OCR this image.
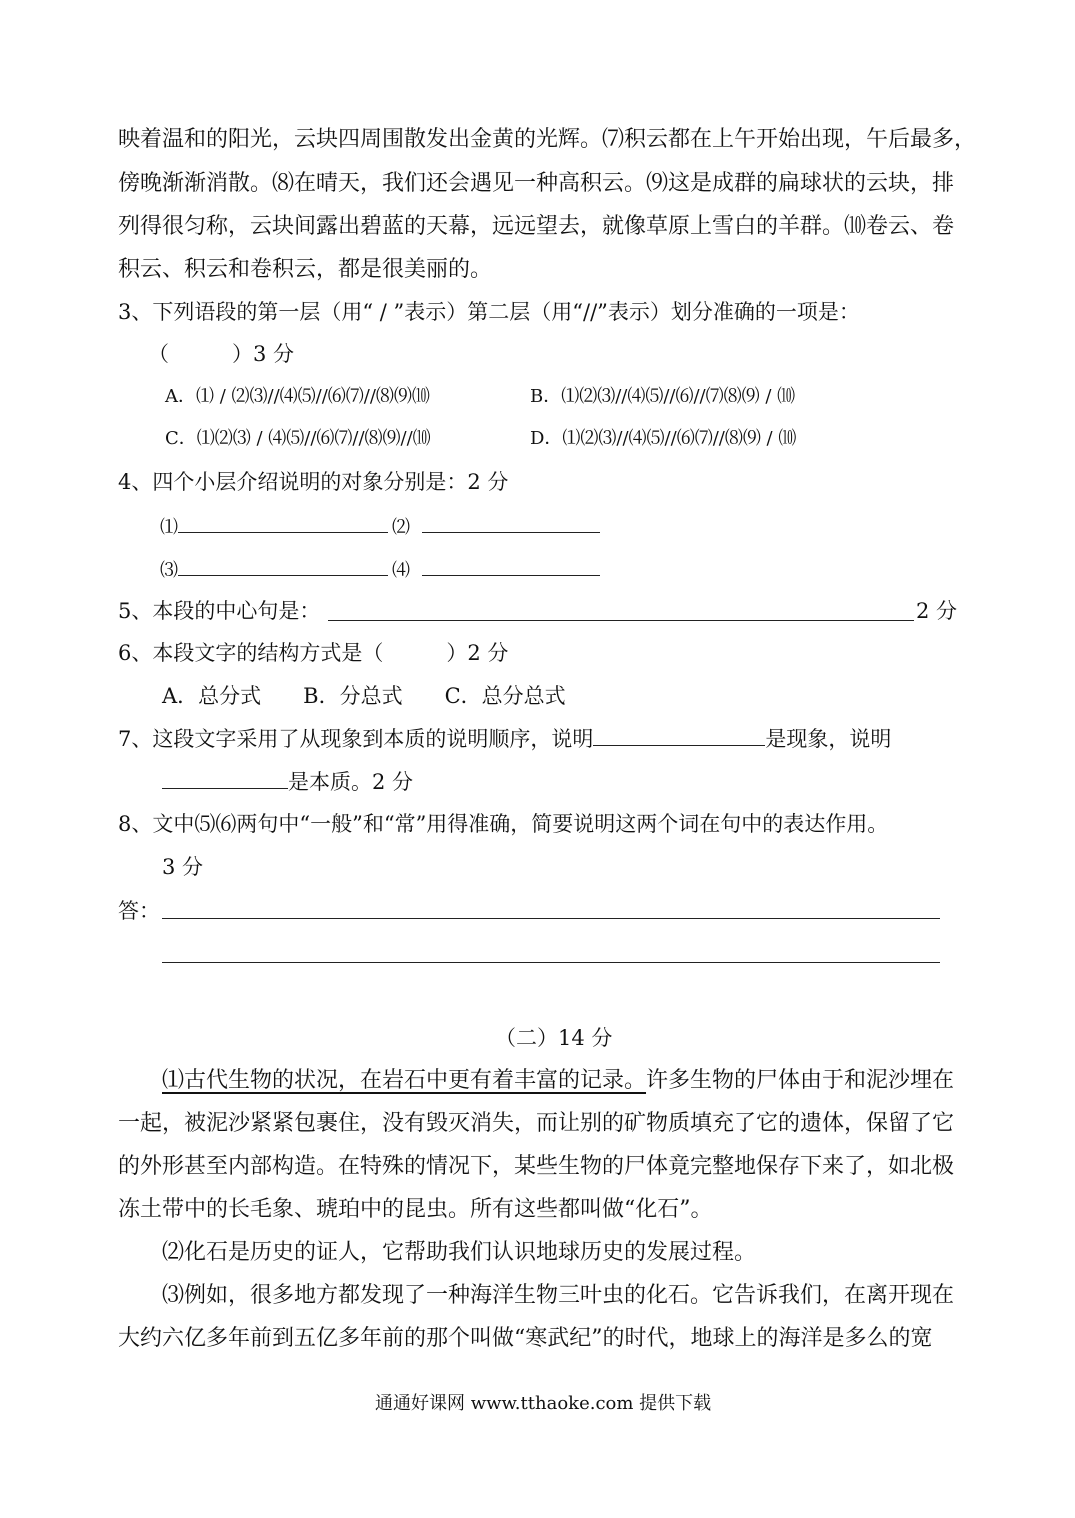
映着温和的阳光，云块四周围散发出金黄的光辉。⑺积云都在上午开始出现，午后最多，
傍晚渐渐消散。⑻在晴天，我们还会遇见一种高积云。⑼这是成群的扁球状的云块，排
列得很匀称，云块间露出碧蓝的天幕，远远望去，就像草原上雪白的羊群。⑽卷云、卷
积云、积云和卷积云，都是很美丽的。
3、下列语段的第一层（用“ / ”表示）第二层（用“//”表示）划分准确的一项是：
（　　　）3 分
A．⑴ / ⑵⑶//⑷⑸//⑹⑺//⑻⑼⑽	B．⑴⑵⑶//⑷⑸//⑹//⑺⑻⑼ / ⑽
C．⑴⑵⑶ / ⑷⑸//⑹⑺//⑻⑼//⑽	D．⑴⑵⑶//⑷⑸//⑹⑺//⑻⑼ / ⑽
4、四个小层介绍说明的对象分别是：2 分
⑴	⑵
⑶	⑷
5、本段的中心句是：	2 分
6、本段文字的结构方式是（　　　）2 分
A．总分式　　B．分总式　　C．总分总式
7、这段文字采用了从现象到本质的说明顺序，说明	是现象，说明
是本质。2 分
8、文中⑸⑹两句中“一般”和“常”用得准确，简要说明这两个词在句中的表达作用。
3 分
答：
（二）14 分
⑴古代生物的状况，在岩石中更有着丰富的记录。许多生物的尸体由于和泥沙埋在
一起，被泥沙紧紧包裹住，没有毁灭消失，而让别的矿物质填充了它的遗体，保留了它
的外形甚至内部构造。在特殊的情况下，某些生物的尸体竟完整地保存下来了，如北极
冻土带中的长毛象、琥珀中的昆虫。所有这些都叫做“化石”。
⑵化石是历史的证人，它帮助我们认识地球历史的发展过程。
⑶例如，很多地方都发现了一种海洋生物三叶虫的化石。它告诉我们，在离开现在
大约六亿多年前到五亿多年前的那个叫做“寒武纪”的时代，地球上的海洋是多么的宽
通通好课网 www.tthaoke.com 提供下载
